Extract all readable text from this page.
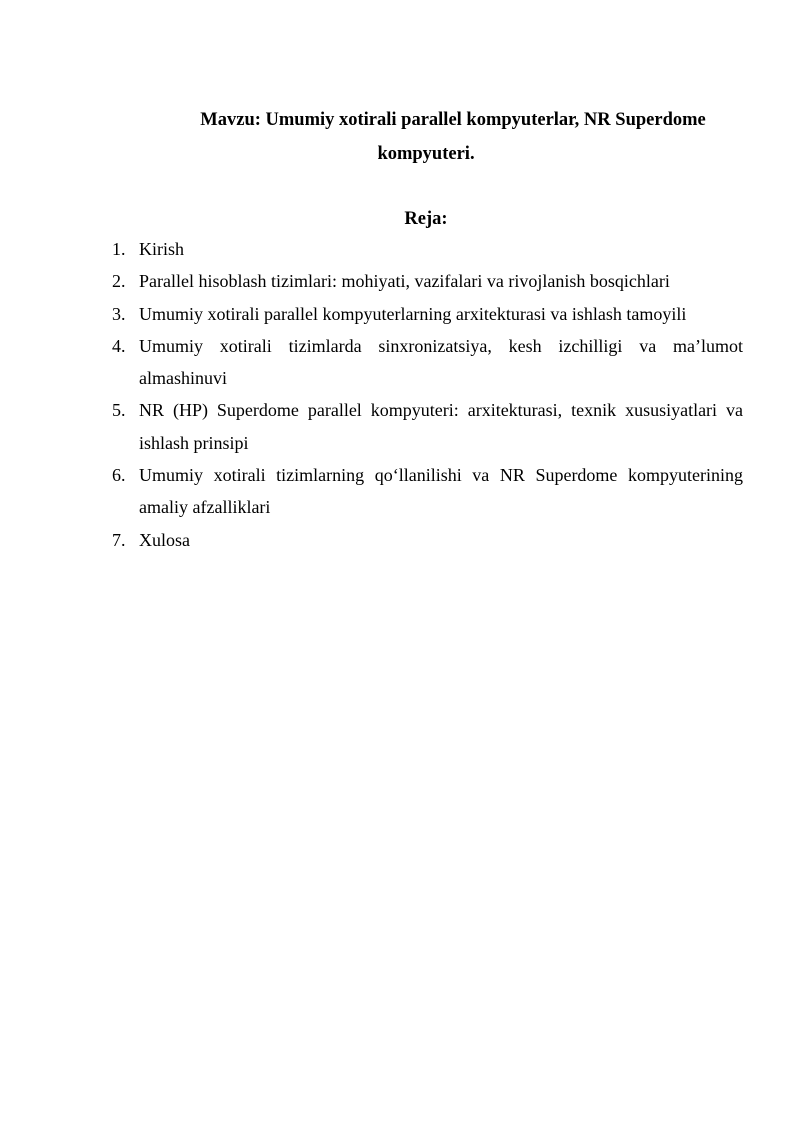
Mavzu: Umumiy xotirali parallel kompyuterlar, NR Superdome
kompyuteri.
Reja:
1. Kirish
2. Parallel hisoblash tizimlari: mohiyati, vazifalari va rivojlanish bosqichlari
3. Umumiy xotirali parallel kompyuterlarning arxitekturasi va ishlash tamoyili
4. Umumiy xotirali tizimlarda sinxronizatsiya, kesh izchilligi va ma’lumot
almashinuvi
5. NR (HP) Superdome parallel kompyuteri: arxitekturasi, texnik xususiyatlari va
ishlash prinsipi
6. Umumiy xotirali tizimlarning qo‘llanilishi va NR Superdome kompyuterining
amaliy afzalliklari
7. Xulosa
